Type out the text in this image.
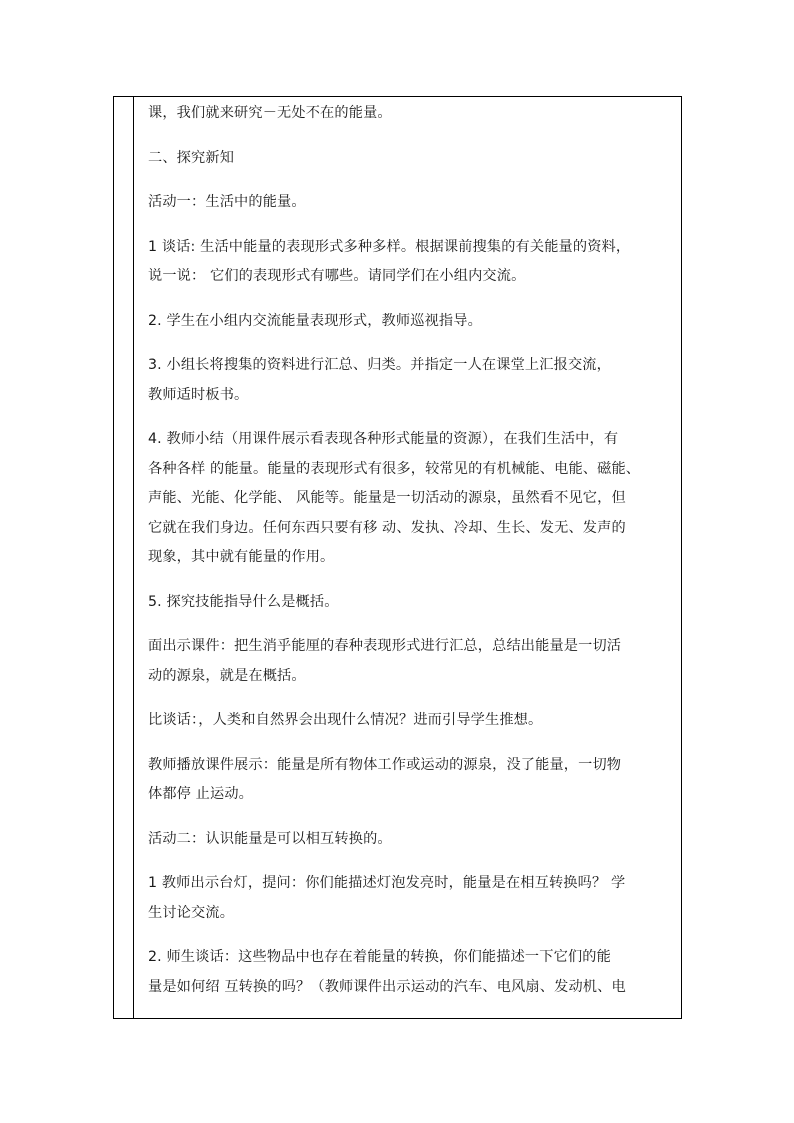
课，我们就来研究－无处不在的能量。
二、探究新知
活动一：生活中的能量。
1 谈话: 生活中能量的表现形式多种多样。根据课前搜集的有关能量的资料，
说一说： 它们的表现形式有哪些。请同学们在小组内交流。
2. 学生在小组内交流能量表现形式，教师巡视指导。
3. 小组长将搜集的资料进行汇总、归类。并指定一人在课堂上汇报交流，
教师适时板书。
4. 教师小结（用课件展示看表现各种形式能量的资源），在我们生活中，有
各种各样 的能量。能量的表现形式有很多，较常见的有机械能、电能、磁能、
声能、光能、化学能、 风能等。能量是一切活动的源泉，虽然看不见它，但
它就在我们身边。任何东西只要有移 动、发执、冷却、生长、发无、发声的
现象，其中就有能量的作用。
5. 探究技能指导什么是概括。
面出示课件：把生消乎能厘的春种表现形式进行汇总，总结出能量是一切活
动的源泉，就是在概括。
比谈话：，人类和自然界会出现什么情况？进而引导学生推想。
教师播放课件展示：能量是所有物体工作或运动的源泉，没了能量，一切物
体都停 止运动。
活动二：认识能量是可以相互转换的。
1 教师出示台灯，提问：你们能描述灯泡发亮时，能量是在相互转换吗？ 学
生讨论交流。
2. 师生谈话：这些物品中也存在着能量的转换，你们能描述一下它们的能
量是如何绍 互转换的吗？（教师课件出示运动的汽车、电风扇、发动机、电
